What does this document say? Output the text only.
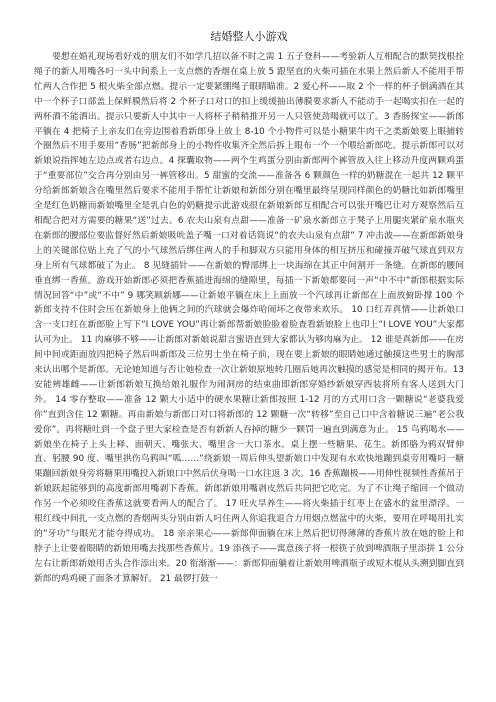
结婚整人小游戏

要想在婚礼现场看好戏的朋友们不如学几招以备不时之需 1 五子登科——考验新人互相配合的默契找根拴绳子的新人用嘴各叼一头中间系上一支点燃的香烟在桌上放 5 跟坚直的火柴可插在水果上然后新人不能用手帮忙两人合作把 5 根火柴全部点燃。提示一定要紧绷绳子眼睛瞄准。2 爱心杯——取 2 个一样的杯子倒满酒在其中一个杯子口部盖上保鲜膜然后将 2 个杯子口对口的扣上缓缓抽出薄膜要求新人不能动手一起喝实扣在一起的两杯酒不能洒出。提示只要新人中其中一人将杯子稍稍推开另一人只管使劲喝就可以了。3 香肠探宝——新郎平躺在 4 把椅子上亲友们在旁边围着看新郎身上放上 8-10 个小物件可以是小糖果牛肉干之类新娘要上眼捕转个圈然后不用手要用“香肠”把新郎身上的小物件收集齐全然后拆上眼布一个一个喂给新郎吃。提示新郎可以对新娘说指挥她左边点或者右边点。4 探囊取物——两个生鸡蛋分别由新郎两个裤管放入往上移动升度两颗鸡蛋于“重要部位”交合再分别由另一裤管移出。5 甜蜜的交流——准备各 6 颗颜色一样的奶糖混在一起共 12 颗平分给新郎新娘含在嘴里然后要求不能用手帮忙让新娘和新郎分别在嘴里最终呈现同样颜色的奶糖比如新郎嘴里全是红色奶糖而新娘嘴里全是乳白色的奶糖提示此游戏很在新娘新郎互相配合可以张开嘴巴让对方观察然后互相配合把对方需要的糖果“送”过去。6 农夫山泉有点甜——准备一矿泉水新郎立于凳子上用腿夹紧矿泉水瓶夹在新郎的腰部位要监督好然后新娘吸吮盖子嘴一口对着话筒说“的农夫山泉有点甜” 7 冲击波——在新郎新娘身上的关键部位贴上充了气的小气球然后绑住两人的手和脚双方只能用身体的相互挤压和碰撞弄破气球直到双方身上所有气球都破了为止。 8 见缝插针——在新娘的臀部绑上一块海绵在其正中间割开一条缝。在新郎的腰间垂直绑一香蕉。游戏开始新郎必须把香蕉插进海绵的缝隙里，每插一下新娘都要问一声“中不中”新郎根据实际情况回答“中”或“不中” 9 哪笑顾新娜——让新娘平躺在床上上面放一个汽球再让新郎在上面放俯卧撑 100 个新郎支持不住时会压在新娘身上他俩之间的汽球就会爆炸哈闹坏之夜带来欢乐。 10 口红弄真情——让新娘口含一支口红在新郎脸上写下“I LOVE YOU”再让新郎帮新娘脸脸着脸查看新娘脸上也印上“I LOVE YOU”大家都认可为止。 11 肉麻够不够——让新郎对新娘说甜言蜜语直到大家都认为够肉麻为止。 12 谁是真新郎——在房间中间或距面放四把椅子然后叫新郎及三位男士坐在椅子前，现在要上新娘的眼睛她通过触摸这些男士的胸部来认出哪个是新郎。无论她知道与否让她检查一次让新娘原地转几圈后她再次触摸的感觉是相同的揭开布。13 安能辨雄雌——让新郎新娘互换给娘礼服作为闹洞房的结束曲即新郎穿婚纱新娘穿西装将所有客人送到大门外。 14 零存整取——准备 12 颗大小适中的硬水果糖让新郎按照 1-12 月的方式用口含一颗糖说“老婆我爱你”直到含住 12 颗糖。再由新娘与新郎口对口将新郎的 12 颗糖一次“转移”至自己口中含着糖说三遍“老公我爱你”。再将糖吐到一个盘子里大家检查是否有新新人吞掉的糖少一颗罚一遍直到满意为止。 15 鸟鸦喝水——新娘坐在椅子上头上释、面朝天、嘴张大、嘴里含一大口茶水。桌上摆一些糖果、花生。新郎胳为鸦双臂伸直、躬腰 90 度、嘴里拱伤鸟鸦叫“呱……”绕新娘一周后伸头望新娘口中发现有水欢快地蹦到桌旁用嘴叼一糖果蹦回新娘身旁将糖果用嘴投入新娘口中然后伏身喝一口水往返 3 次。16 香蕉蹦极——用伸性视频性香蕉吊于新娘跃起能够到的高度新郎用嘴剥下香蕉。新郎新娘用嘴剥皮然后共同把它吃完。为了不让绳子缩回一个做动作另一个必须咬住香蕉这就要看两人的配合了。 17 旺火旱养生——将火柴插于红枣上在盛水的盆里漂浮。一根红线中间扎一支点燃的香烟两头分别由新人叼住两人你追我退合力用烟点燃盆中的火柴，要用在呼喝用扎实的“牙功”与眼光才能夺得成功。 18 亲亲果心——新郎仰面躺在床上然后把切得薄薄的香蕉片放在她的脸上和脖子上让要着眼睛的新娘用嘴去找那些香蕉片。19 添孩子——寓意孩子将一根筷子放到啤酒瓶子里添拼 1 公分左右让新郎新娘用舌头合作添出来。20 衔渐渐——：新郎仰面躺着让新娘用啤酒瓶子或短木棍从头溯到脚直到新郎的鸡鸡硬了面条才算解好。 21 最锣打鼓一
